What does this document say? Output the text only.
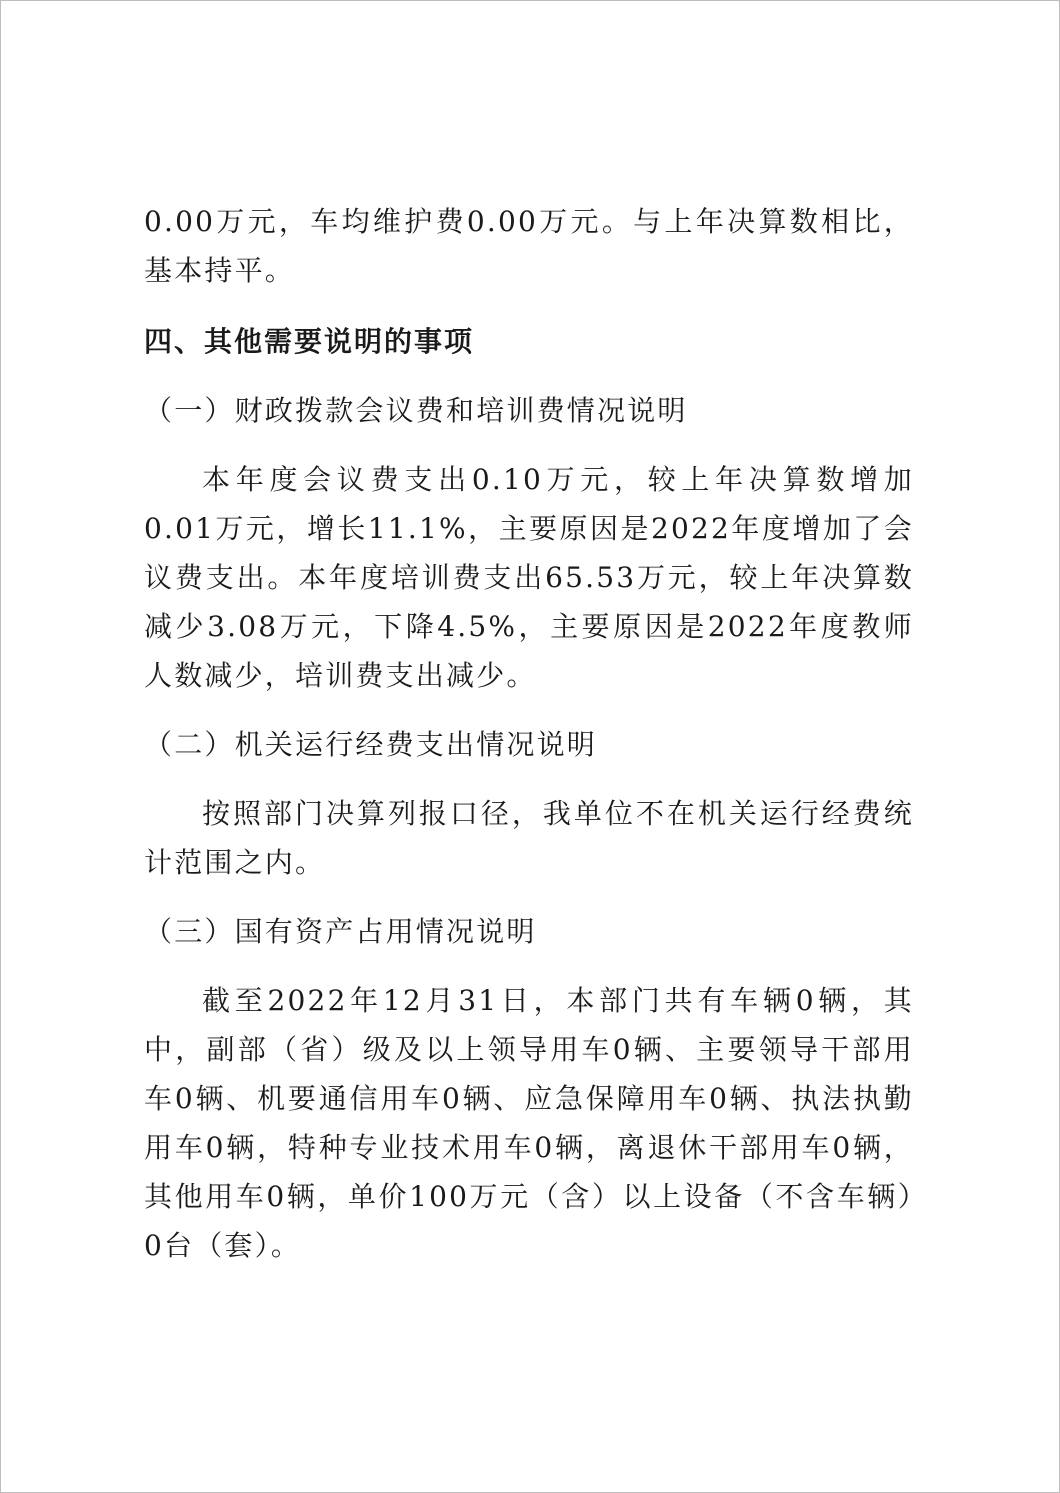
0.00万元，车均维护费0.00万元。与上年决算数相比，基本持平。

四、其他需要说明的事项

（一）财政拨款会议费和培训费情况说明

本年度会议费支出0.10万元，较上年决算数增加0.01万元，增长11.1%，主要原因是2022年度增加了会议费支出。本年度培训费支出65.53万元，较上年决算数减少3.08万元，下降4.5%，主要原因是2022年度教师人数减少，培训费支出减少。

（二）机关运行经费支出情况说明

按照部门决算列报口径，我单位不在机关运行经费统计范围之内。

（三）国有资产占用情况说明

截至2022年12月31日，本部门共有车辆0辆，其中，副部（省）级及以上领导用车0辆、主要领导干部用车0辆、机要通信用车0辆、应急保障用车0辆、执法执勤用车0辆，特种专业技术用车0辆，离退休干部用车0辆，其他用车0辆，单价100万元（含）以上设备（不含车辆）0台（套）。
